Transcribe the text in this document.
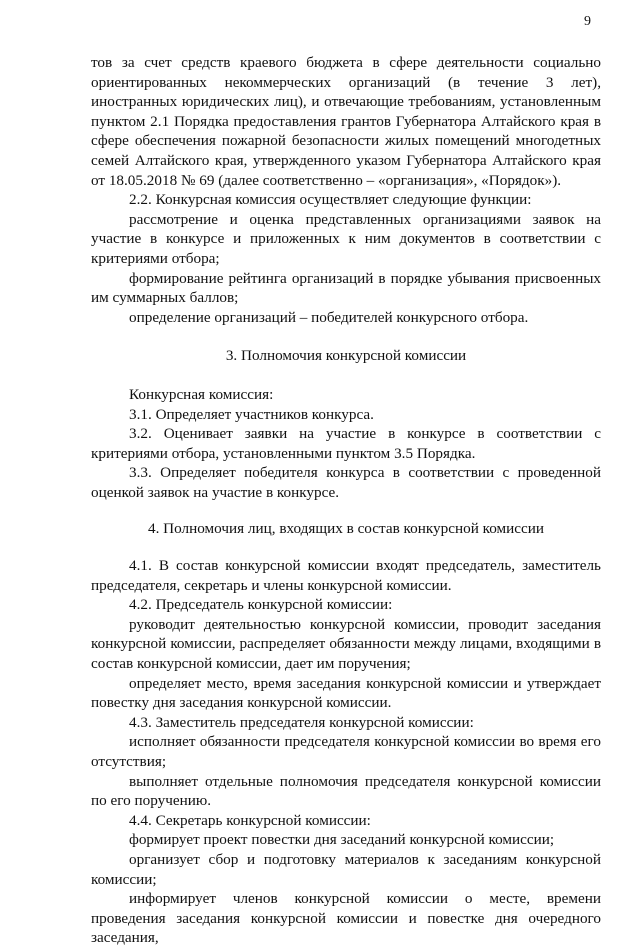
9

тов за счет средств краевого бюджета в сфере деятельности социально ориентированных некоммерческих организаций (в течение 3 лет), иностранных юридических лиц), и отвечающие требованиям, установленным пунктом 2.1 Порядка предоставления грантов Губернатора Алтайского края в сфере обеспечения пожарной безопасности жилых помещений многодетных семей Алтайского края, утвержденного указом Губернатора Алтайского края от 18.05.2018 № 69 (далее соответственно – «организация», «Порядок»).

2.2. Конкурсная комиссия осуществляет следующие функции:

рассмотрение и оценка представленных организациями заявок на участие в конкурсе и приложенных к ним документов в соответствии с критериями отбора;

формирование рейтинга организаций в порядке убывания присвоенных им суммарных баллов;

определение организаций – победителей конкурсного отбора.

3. Полномочия конкурсной комиссии

Конкурсная комиссия:

3.1. Определяет участников конкурса.

3.2. Оценивает заявки на участие в конкурсе в соответствии с критериями отбора, установленными пунктом 3.5 Порядка.

3.3. Определяет победителя конкурса в соответствии с проведенной оценкой заявок на участие в конкурсе.

4. Полномочия лиц, входящих в состав конкурсной комиссии

4.1. В состав конкурсной комиссии входят председатель, заместитель председателя, секретарь и члены конкурсной комиссии.

4.2. Председатель конкурсной комиссии:

руководит деятельностью конкурсной комиссии, проводит заседания конкурсной комиссии, распределяет обязанности между лицами, входящими в состав конкурсной комиссии, дает им поручения;

определяет место, время заседания конкурсной комиссии и утверждает повестку дня заседания конкурсной комиссии.

4.3. Заместитель председателя конкурсной комиссии:

исполняет обязанности председателя конкурсной комиссии во время его отсутствия;

выполняет отдельные полномочия председателя конкурсной комиссии по его поручению.

4.4. Секретарь конкурсной комиссии:

формирует проект повестки дня заседаний конкурсной комиссии;

организует сбор и подготовку материалов к заседаниям конкурсной комиссии;

информирует членов конкурсной комиссии о месте, времени проведения заседания конкурсной комиссии и повестке дня очередного заседания,
